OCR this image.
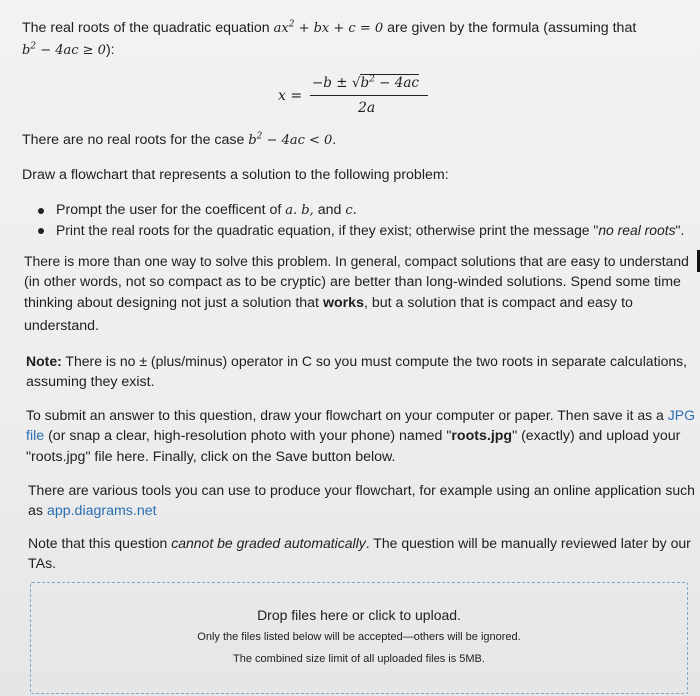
The real roots of the quadratic equation $ax^2$ + bx + c = 0 are given by the formula (assuming that
$b^2 - 4ac \ge 0$):
x =
$-b \pm √b^2 - 4ac$
2a
There are no real roots for the case $b^2 - 4ac < 0$.
Draw a flowchart that represents a solution to the following problem:
Prompt the user for the coefficent of a. b, and c.
Print the real roots for the quadratic equation, if they exist; otherwise print the message "no real roots".
There is more than one way to solve this problem. In general, compact solutions that are easy to understand
(in other words, not so compact as to be cryptic) are better than long-winded solutions. Spend some time
thinking about designing not just a solution that works, but a solution that is compact and easy to
understand.
Note: There is no ± (plus/minus) operator in C so you must compute the two roots in separate calculations,
assuming they exist.
To submit an answer to this question, draw your flowchart on your computer or paper. Then save it as a JPG
file (or snap a clear, high-resolution photo with your phone) named "roots.jpg" (exactly) and upload your
"roots.jpg" file here. Finally, click on the Save button below.
There are various tools you can use to produce your flowchart, for example using an online application such
as app.diagrams.net
Note that this question cannot be graded automatically. The question will be manually reviewed later by our
TAs.
Drop files here or click to upload.
Only the files listed below will be accepted—others will be ignored.
The combined size limit of all uploaded files is 5MB.
